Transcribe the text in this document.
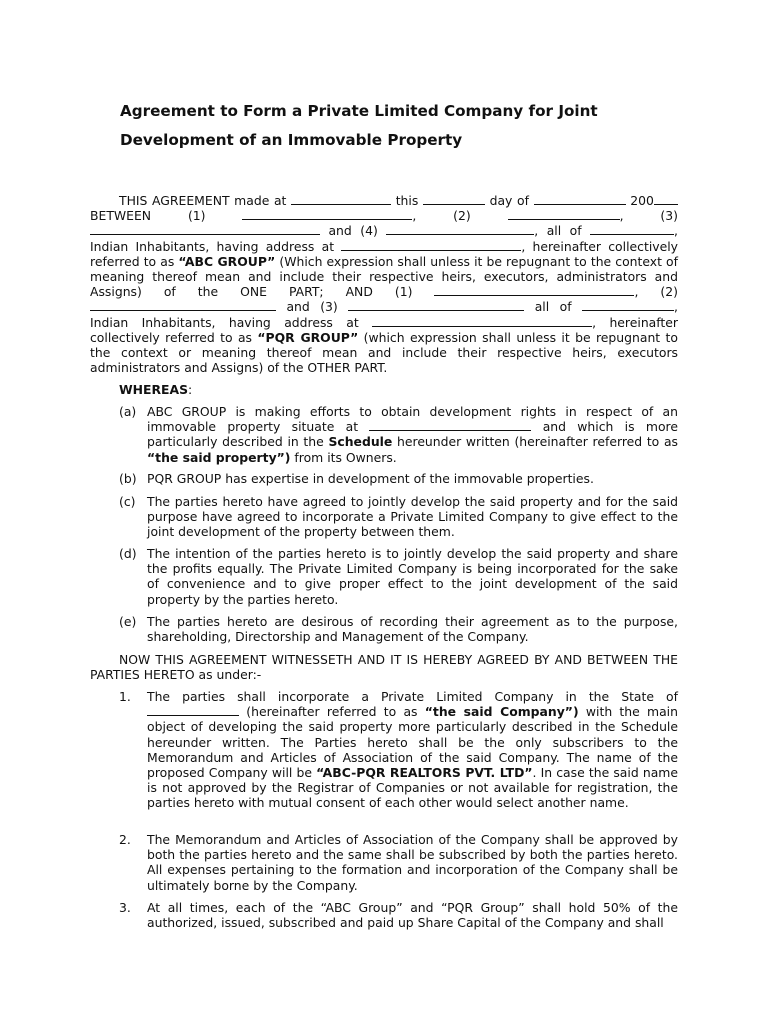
Agreement to Form a Private Limited Company for Joint
Development of an Immovable Property

THIS AGREEMENT made at	this	day of	200 BETWEEN	(1)	, (2)	, (3)  and (4)	, all of	, Indian Inhabitants, having address at	, hereinafter collectively referred to as “ABC GROUP” (Which expression shall unless it be repugnant to the context of meaning thereof mean and include their respective heirs, executors, administrators and Assigns) of the ONE PART; AND (1)	, (2)  and (3)	all of	, Indian Inhabitants, having address at	, hereinafter collectively referred to as “PQR GROUP” (which expression shall unless it be repugnant to the context or meaning thereof mean and include their respective heirs, executors administrators and Assigns) of the OTHER PART.

WHEREAS:

(a) ABC GROUP is making efforts to obtain development rights in respect of an immovable property situate at	and which is more particularly described in the Schedule hereunder written (hereinafter referred to as “the said property”) from its Owners.

(b) PQR GROUP has expertise in development of the immovable properties.

(c) The parties hereto have agreed to jointly develop the said property and for the said purpose have agreed to incorporate a Private Limited Company to give effect to the joint development of the property between them.

(d) The intention of the parties hereto is to jointly develop the said property and share the profits equally. The Private Limited Company is being incorporated for the sake of convenience and to give proper effect to the joint development of the said property by the parties hereto.

(e) The parties hereto are desirous of recording their agreement as to the purpose, shareholding, Directorship and Management of the Company.

NOW THIS AGREEMENT WITNESSETH AND IT IS HEREBY AGREED BY AND BETWEEN THE PARTIES HERETO as under:-

1. The parties shall incorporate a Private Limited Company in the State of  (hereinafter referred to as “the said Company”) with the main object of developing the said property more particularly described in the Schedule hereunder written. The Parties hereto shall be the only subscribers to the Memorandum and Articles of Association of the said Company. The name of the proposed Company will be “ABC-PQR REALTORS PVT. LTD”. In case the said name is not approved by the Registrar of Companies or not available for registration, the parties hereto with mutual consent of each other would select another name.

2. The Memorandum and Articles of Association of the Company shall be approved by both the parties hereto and the same shall be subscribed by both the parties hereto. All expenses pertaining to the formation and incorporation of the Company shall be ultimately borne by the Company.

3. At all times, each of the “ABC Group” and “PQR Group” shall hold 50% of the authorized, issued, subscribed and paid up Share Capital of the Company and shall
